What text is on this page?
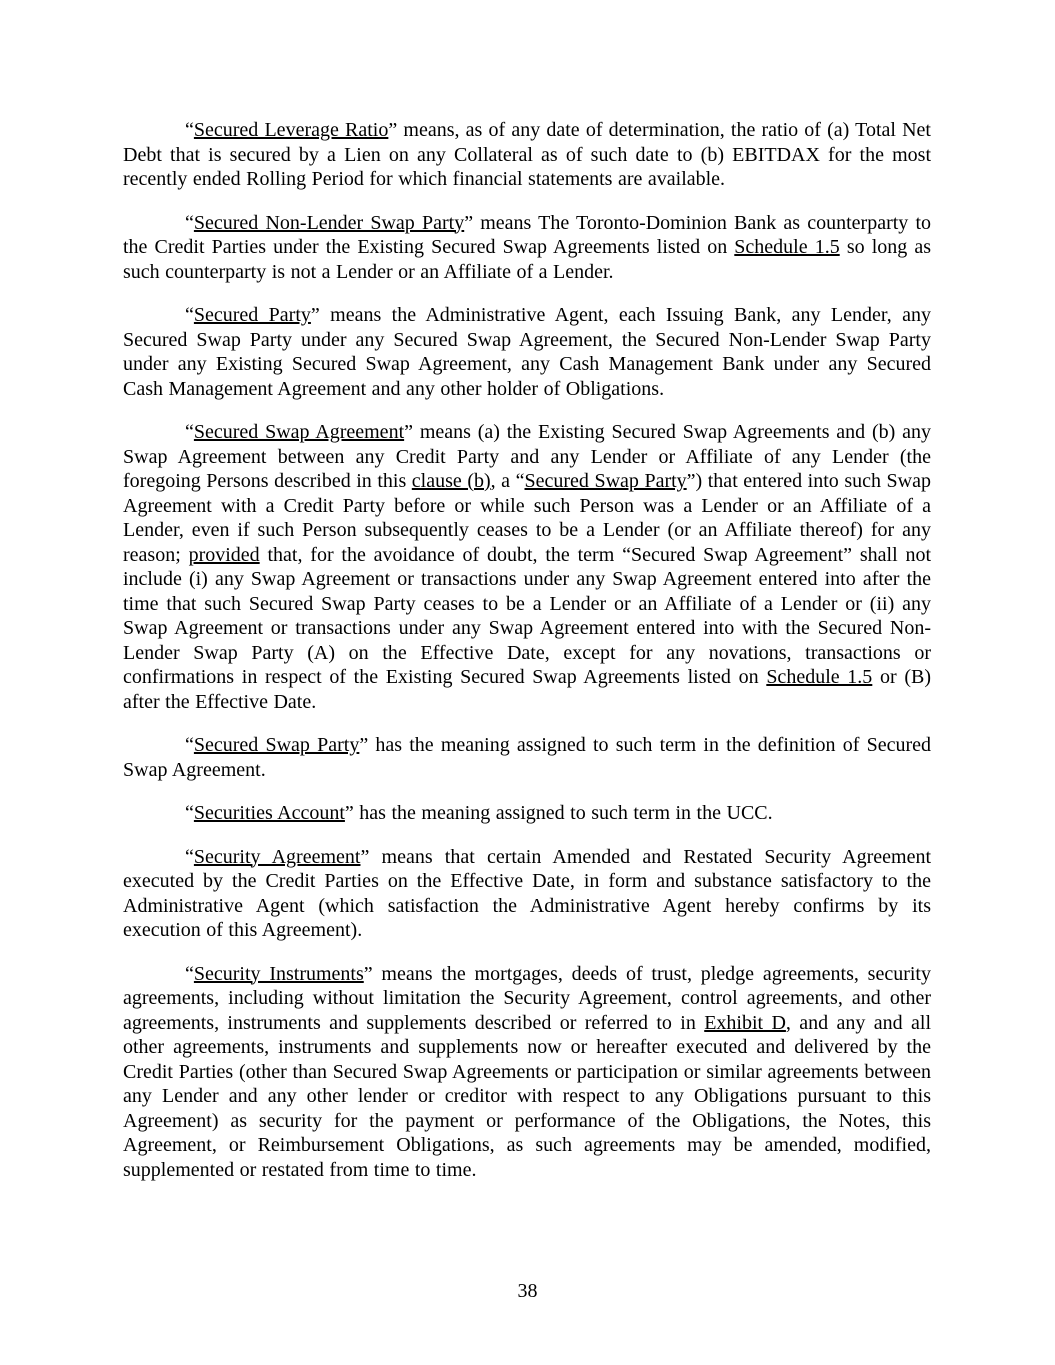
“Secured Leverage Ratio” means, as of any date of determination, the ratio of (a) Total Net Debt that is secured by a Lien on any Collateral as of such date to (b) EBITDAX for the most recently ended Rolling Period for which financial statements are available.

“Secured Non-Lender Swap Party” means The Toronto-Dominion Bank as counterparty to the Credit Parties under the Existing Secured Swap Agreements listed on Schedule 1.5 so long as such counterparty is not a Lender or an Affiliate of a Lender.

“Secured Party” means the Administrative Agent, each Issuing Bank, any Lender, any Secured Swap Party under any Secured Swap Agreement, the Secured Non-Lender Swap Party under any Existing Secured Swap Agreement, any Cash Management Bank under any Secured Cash Management Agreement and any other holder of Obligations.

“Secured Swap Agreement” means (a) the Existing Secured Swap Agreements and (b) any Swap Agreement between any Credit Party and any Lender or Affiliate of any Lender (the foregoing Persons described in this clause (b), a “Secured Swap Party”) that entered into such Swap Agreement with a Credit Party before or while such Person was a Lender or an Affiliate of a Lender, even if such Person subsequently ceases to be a Lender (or an Affiliate thereof) for any reason; provided that, for the avoidance of doubt, the term “Secured Swap Agreement” shall not include (i) any Swap Agreement or transactions under any Swap Agreement entered into after the time that such Secured Swap Party ceases to be a Lender or an Affiliate of a Lender or (ii) any Swap Agreement or transactions under any Swap Agreement entered into with the Secured Non-Lender Swap Party (A) on the Effective Date, except for any novations, transactions or confirmations in respect of the Existing Secured Swap Agreements listed on Schedule 1.5 or (B) after the Effective Date.

“Secured Swap Party” has the meaning assigned to such term in the definition of Secured Swap Agreement.

“Securities Account” has the meaning assigned to such term in the UCC.

“Security Agreement” means that certain Amended and Restated Security Agreement executed by the Credit Parties on the Effective Date, in form and substance satisfactory to the Administrative Agent (which satisfaction the Administrative Agent hereby confirms by its execution of this Agreement).

“Security Instruments” means the mortgages, deeds of trust, pledge agreements, security agreements, including without limitation the Security Agreement, control agreements, and other agreements, instruments and supplements described or referred to in Exhibit D, and any and all other agreements, instruments and supplements now or hereafter executed and delivered by the Credit Parties (other than Secured Swap Agreements or participation or similar agreements between any Lender and any other lender or creditor with respect to any Obligations pursuant to this Agreement) as security for the payment or performance of the Obligations, the Notes, this Agreement, or Reimbursement Obligations, as such agreements may be amended, modified, supplemented or restated from time to time.

38
